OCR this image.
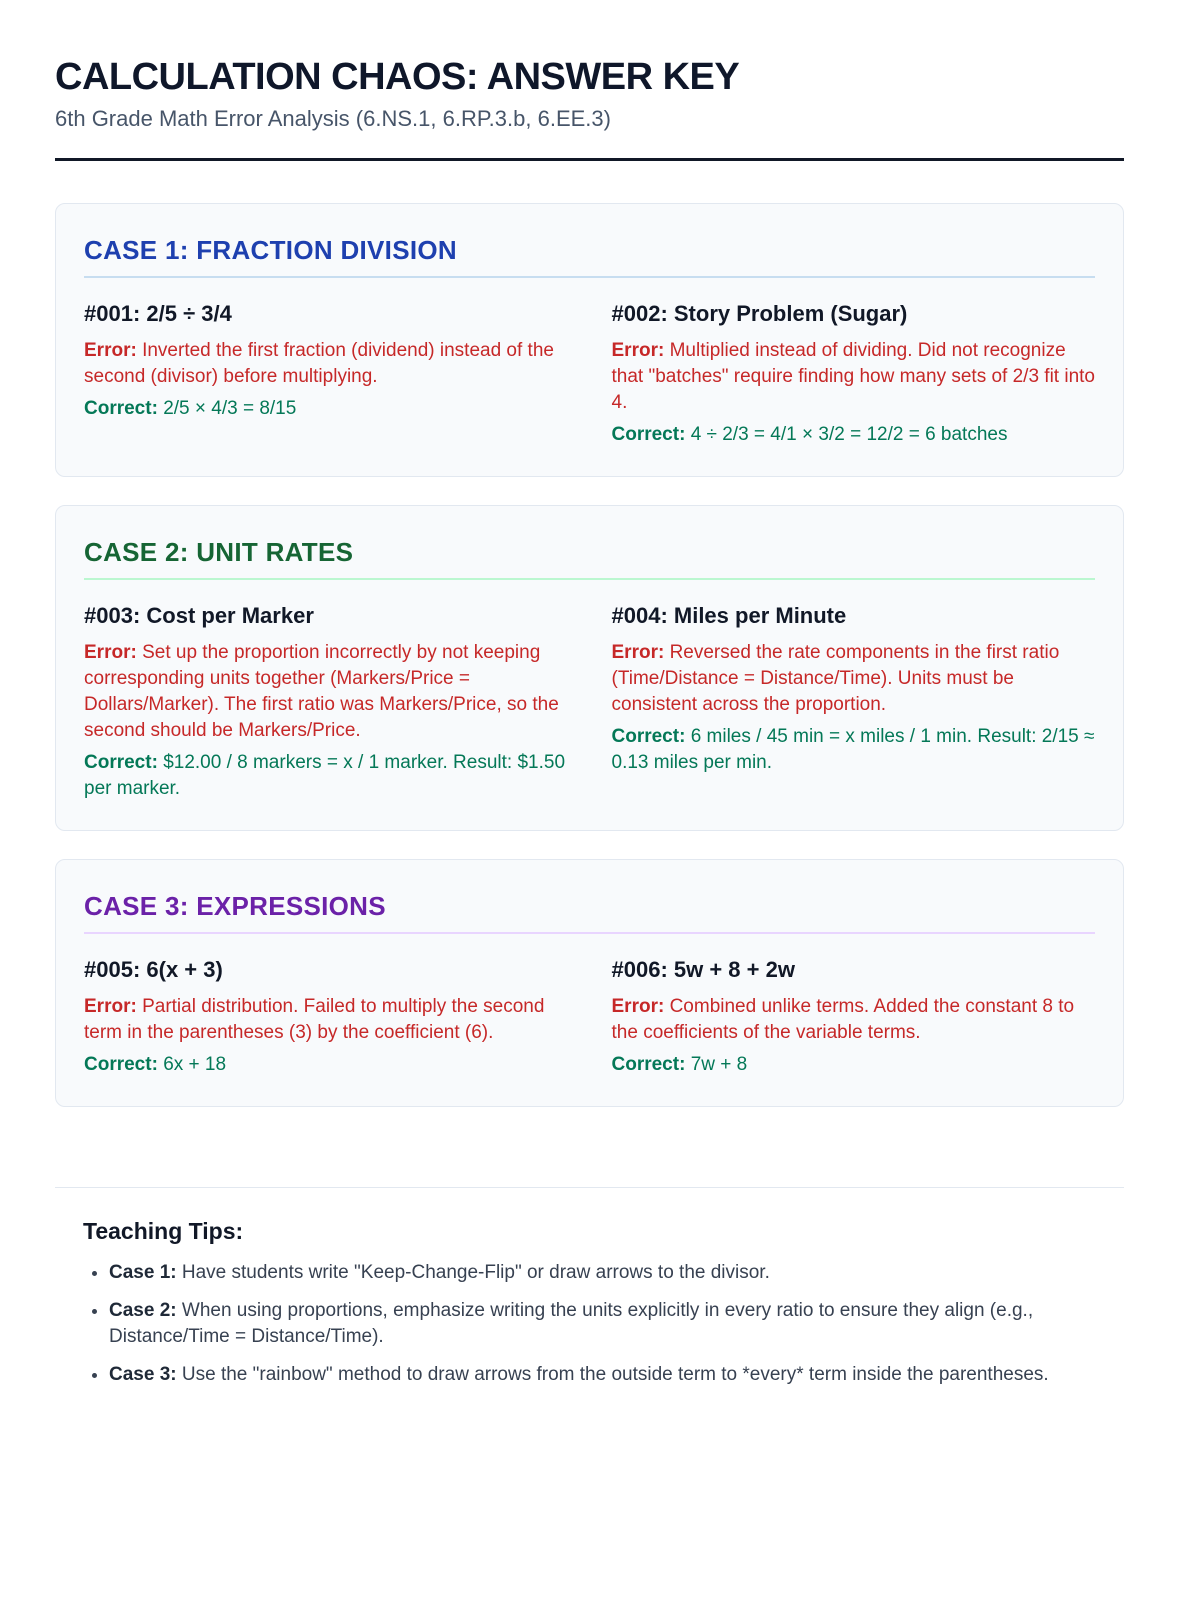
CALCULATION CHAOS: ANSWER KEY
6th Grade Math Error Analysis (6.NS.1, 6.RP.3.b, 6.EE.3)
CASE 1: FRACTION DIVISION
#001: 2/5 ÷ 3/4
Error: Inverted the first fraction (dividend) instead of the second (divisor) before multiplying.
Correct: 2/5 × 4/3 = 8/15
#002: Story Problem (Sugar)
Error: Multiplied instead of dividing. Did not recognize that "batches" require finding how many sets of 2/3 fit into 4.
Correct: 4 ÷ 2/3 = 4/1 × 3/2 = 12/2 = 6 batches
CASE 2: UNIT RATES
#003: Cost per Marker
Error: Set up the proportion incorrectly by not keeping corresponding units together (Markers/Price = Dollars/Marker). The first ratio was Markers/Price, so the second should be Markers/Price.
Correct: $12.00 / 8 markers = x / 1 marker. Result: $1.50 per marker.
#004: Miles per Minute
Error: Reversed the rate components in the first ratio (Time/Distance = Distance/Time). Units must be consistent across the proportion.
Correct: 6 miles / 45 min = x miles / 1 min. Result: 2/15 ≈ 0.13 miles per min.
CASE 3: EXPRESSIONS
#005: 6(x + 3)
Error: Partial distribution. Failed to multiply the second term in the parentheses (3) by the coefficient (6).
Correct: 6x + 18
#006: 5w + 8 + 2w
Error: Combined unlike terms. Added the constant 8 to the coefficients of the variable terms.
Correct: 7w + 8
Teaching Tips:
• Case 1: Have students write "Keep-Change-Flip" or draw arrows to the divisor.
• Case 2: When using proportions, emphasize writing the units explicitly in every ratio to ensure they align (e.g., Distance/Time = Distance/Time).
• Case 3: Use the "rainbow" method to draw arrows from the outside term to *every* term inside the parentheses.
